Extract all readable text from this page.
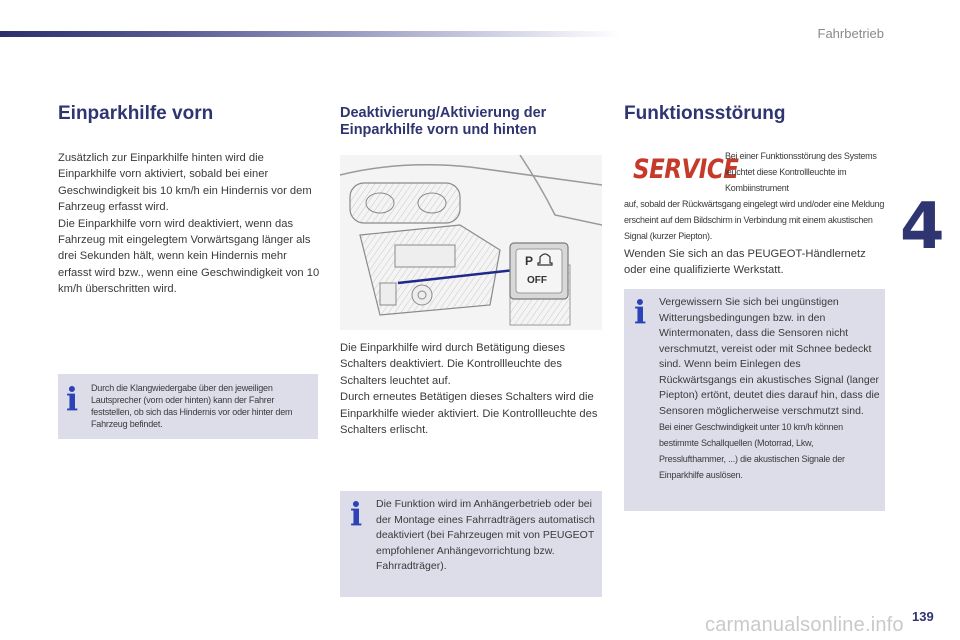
Fahrbetrieb
4
Einparkhilfe vorn

Zusätzlich zur Einparkhilfe hinten wird die Einparkhilfe vorn aktiviert, sobald bei einer Geschwindigkeit bis 10 km/h ein Hindernis vor dem Fahrzeug erfasst wird.

Die Einparkhilfe vorn wird deaktiviert, wenn das Fahrzeug mit eingelegtem Vorwärtsgang länger als drei Sekunden hält, wenn kein Hindernis mehr erfasst wird bzw., wenn eine Geschwindigkeit von 10 km/h überschritten wird.

i Durch die Klangwiedergabe über den jeweiligen Lautsprecher (vorn oder hinten) kann der Fahrer feststellen, ob sich das Hindernis vor oder hinter dem Fahrzeug befindet.
Deaktivierung/Aktivierung der Einparkhilfe vorn und hinten
P
OFF

Die Einparkhilfe wird durch Betätigung dieses Schalters deaktiviert. Die Kontrollleuchte des Schalters leuchtet auf.

Durch erneutes Betätigen dieses Schalters wird die Einparkhilfe wieder aktiviert. Die Kontrollleuchte des Schalters erlischt.

i Die Funktion wird im Anhängerbetrieb oder bei der Montage eines Fahrradträgers automatisch deaktiviert (bei Fahrzeugen mit von PEUGEOT empfohlener Anhängevorrichtung bzw. Fahrradträger).
Funktionsstörung
SERVICE
Bei einer Funktionsstörung des Systems leuchtet diese Kontrollleuchte im Kombiinstrument
auf, sobald der Rückwärtsgang eingelegt wird und/oder eine Meldung erscheint auf dem Bildschirm in Verbindung mit einem akustischen Signal (kurzer Piepton).
Wenden Sie sich an das PEUGEOT-Händlernetz oder eine qualifizierte Werkstatt.
i Vergewissern Sie sich bei ungünstigen Witterungsbedingungen bzw. in den Wintermonaten, dass die Sensoren nicht verschmutzt, vereist oder mit Schnee bedeckt sind. Wenn beim Einlegen des Rückwärtsgangs ein akustisches Signal (langer Piepton) ertönt, deutet dies darauf hin, dass die Sensoren möglicherweise verschmutzt sind.
Bei einer Geschwindigkeit unter 10 km/h können bestimmte Schallquellen (Motorrad, Lkw, Presslufthammer, ...) die akustischen Signale der Einparkhilfe auslösen.
139
carmanualsonline.info
